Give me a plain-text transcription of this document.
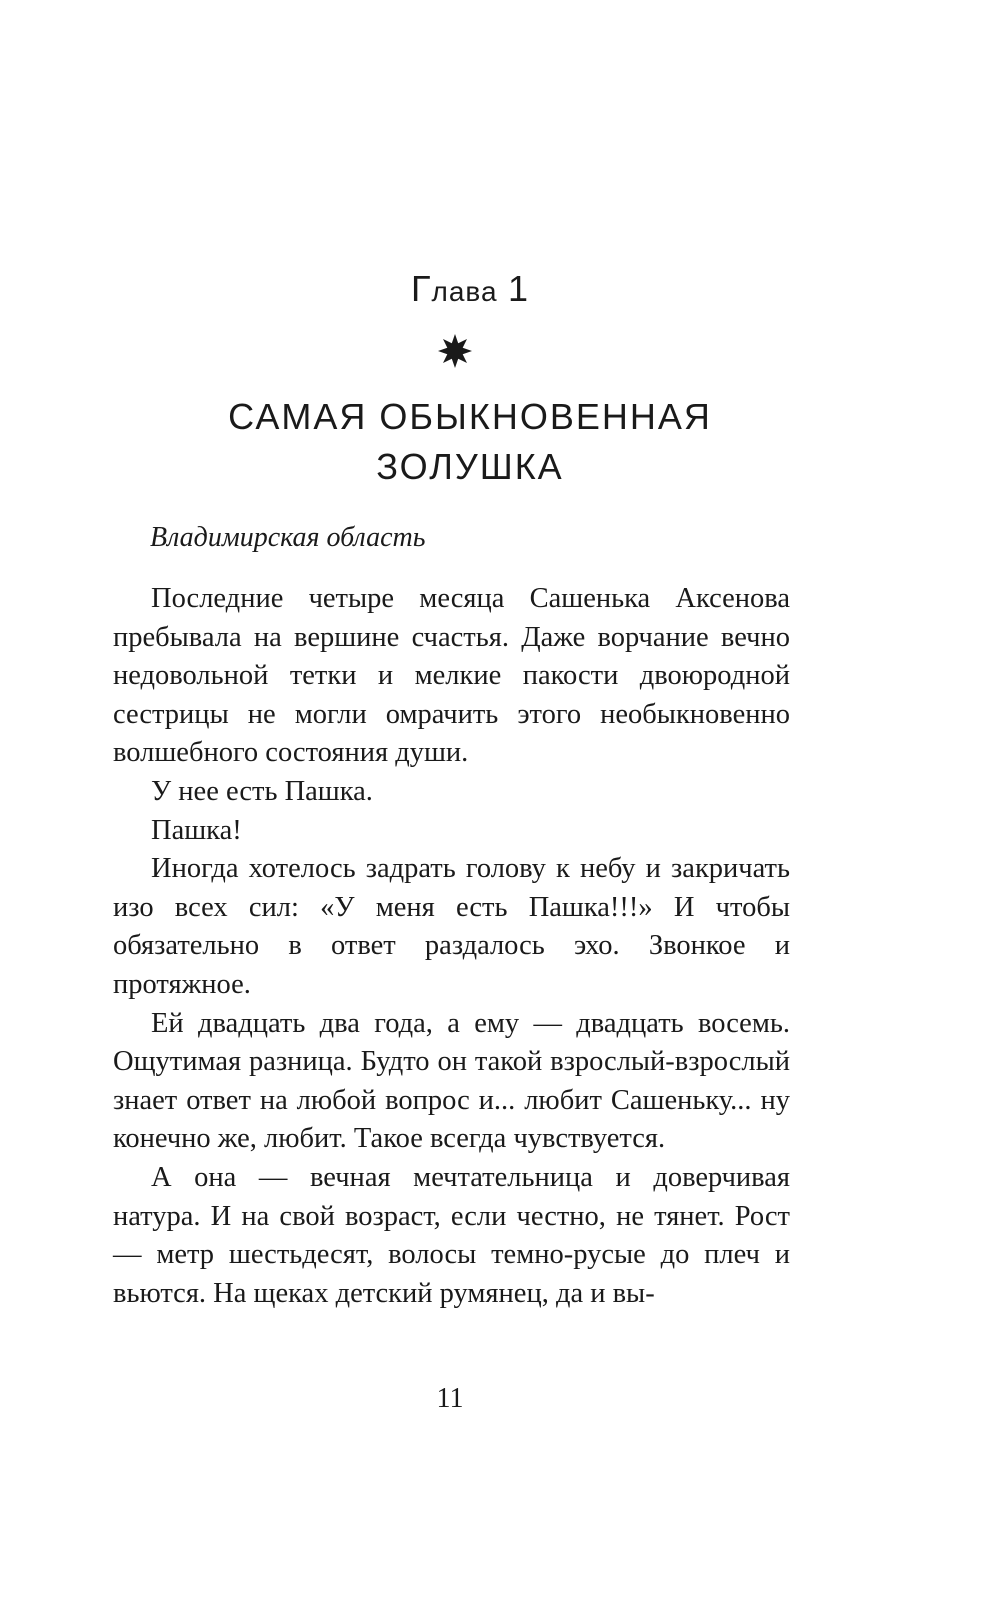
Глава 1
САМАЯ ОБЫКНОВЕННАЯ
ЗОЛУШКА
Владимирская область

Последние четыре месяца Сашенька Аксенова пребывала на вершине счастья. Даже ворчание вечно недовольной тетки и мелкие пакости двоюродной сестрицы не могли омрачить этого необыкновенно волшебного состояния души.

У нее есть Пашка.

Пашка!

Иногда хотелось задрать голову к небу и закричать изо всех сил: «У меня есть Пашка!!!» И чтобы обязательно в ответ раздалось эхо. Звонкое и протяжное.

Ей двадцать два года, а ему — двадцать восемь. Ощутимая разница. Будто он такой взрослый-взрослый знает ответ на любой вопрос и... любит Сашеньку... ну конечно же, любит. Такое всегда чувствуется.

А она — вечная мечтательница и доверчивая натура. И на свой возраст, если честно, не тянет. Рост — метр шестьдесят, волосы темно-русые до плеч и вьются. На щеках детский румянец, да и вы-

11
